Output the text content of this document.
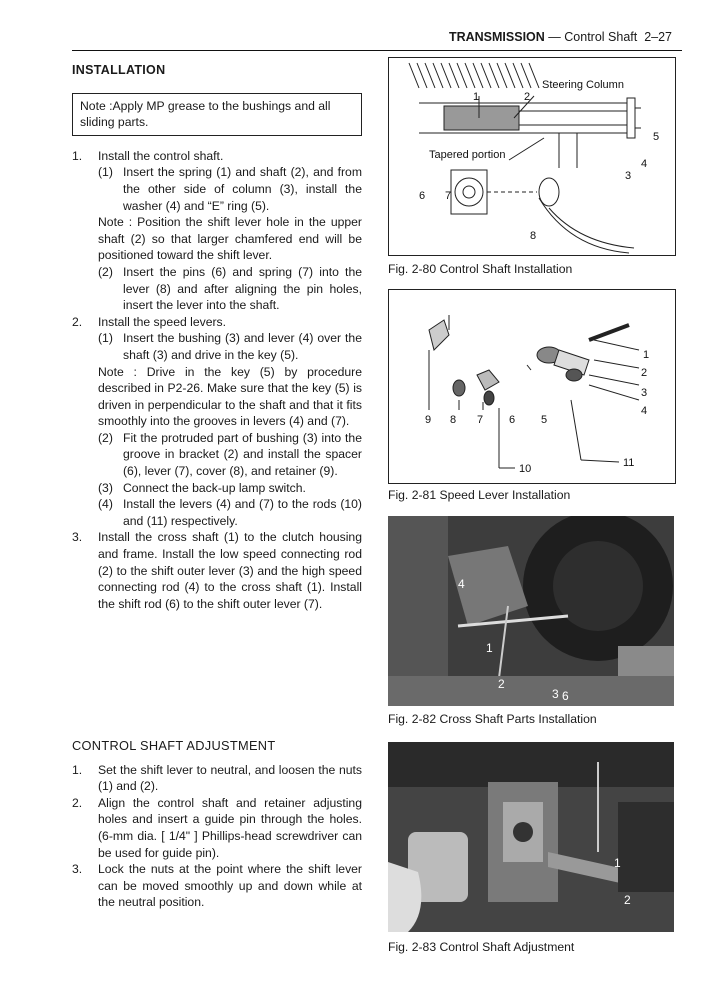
TRANSMISSION — Control Shaft 2–27
INSTALLATION
Note :Apply MP grease to the bushings and all sliding parts.
1.	Install the control shaft.
(1) Insert the spring (1) and shaft (2), and from the other side of column (3), install the washer (4) and “E” ring (5).
Note : Position the shift lever hole in the upper shaft (2) so that larger chamfered end will be positioned toward the shift lever.
(2) Insert the pins (6) and spring (7) into the lever (8) and after aligning the pin holes, insert the lever into the shaft.
2.	Install the speed levers.
(1) Insert the bushing (3) and lever (4) over the shaft (3) and drive in the key (5).
Note : Drive in the key (5) by procedure described in P2-26. Make sure that the key (5) is driven in perpendicular to the shaft and that it fits smoothly into the grooves in levers (4) and (7).
(2) Fit the protruded part of bushing (3) into the groove in bracket (2) and install the spacer (6), lever (7), cover (8), and retainer (9).
(3) Connect the back-up lamp switch.
(4) Install the levers (4) and (7) to the rods (10) and (11) respectively.
3.	Install the cross shaft (1) to the clutch housing and frame. Install the low speed connecting rod (2) to the shift outer lever (3) and the high speed connecting rod (4) to the cross shaft (1). Install the shift rod (6) to the shift outer lever (7).
CONTROL SHAFT ADJUSTMENT
1.	Set the shift lever to neutral, and loosen the nuts (1) and (2).
2.	Align the control shaft and retainer adjusting holes and insert a guide pin through the holes. (6-mm dia. [ 1/4" ] Phillips-head screwdriver can be used for guide pin).
3.	Lock the nuts at the point where the shift lever can be moved smoothly up and down while at the neutral position.
Steering Column
Tapered portion
1	2
3
4
5
6 7
8
Fig. 2-80 Control Shaft Installation
9 8 7 6 5
1
2
3
4
10	11
Fig. 2-81 Speed Lever Installation
4
1
2
3 6
Fig. 2-82 Cross Shaft Parts Installation
1
2
Fig. 2-83 Control Shaft Adjustment
